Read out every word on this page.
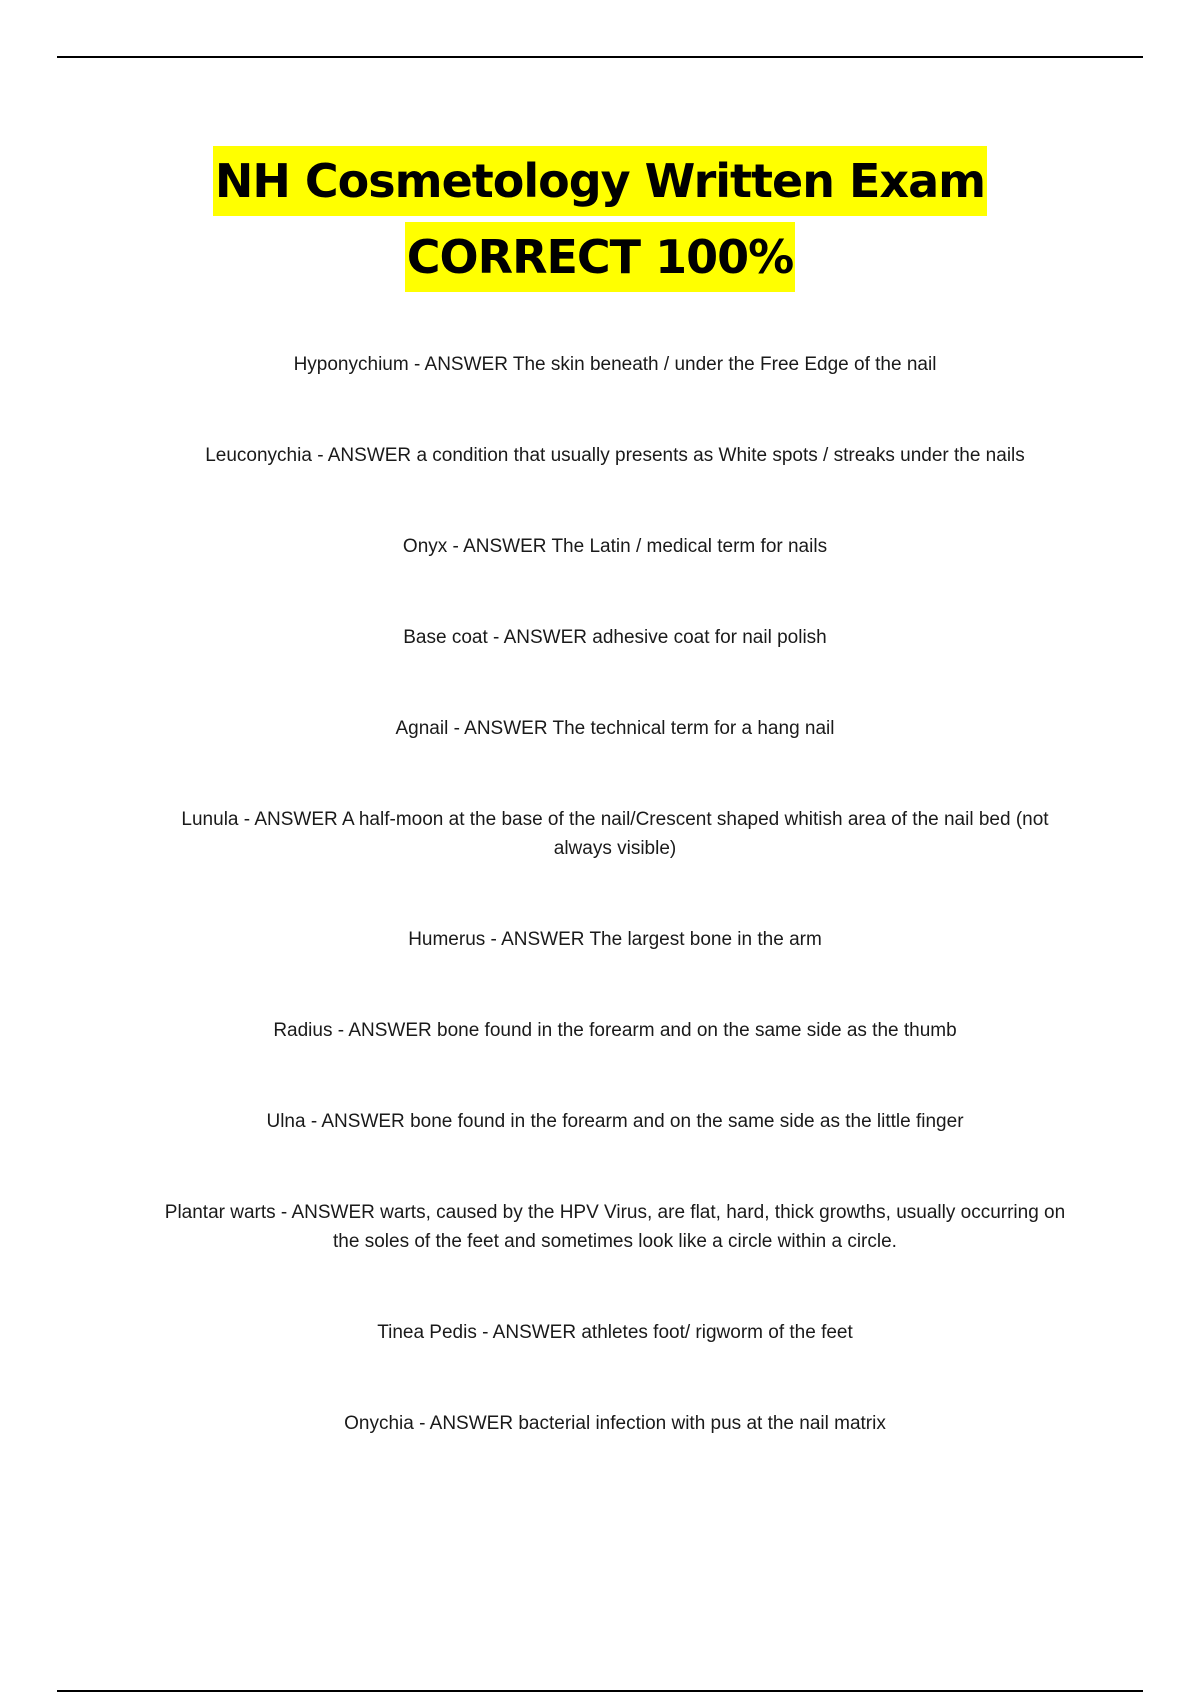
NH Cosmetology Written Exam
CORRECT 100%
Hyponychium - ANSWER The skin beneath / under the Free Edge of the nail
Leuconychia - ANSWER a condition that usually presents as White spots / streaks under the nails
Onyx - ANSWER The Latin / medical term for nails
Base coat - ANSWER adhesive coat for nail polish
Agnail - ANSWER The technical term for a hang nail
Lunula - ANSWER A half-moon at the base of the nail/Crescent shaped whitish area of the nail bed (not always visible)
Humerus - ANSWER The largest bone in the arm
Radius - ANSWER bone found in the forearm and on the same side as the thumb
Ulna - ANSWER bone found in the forearm and on the same side as the little finger
Plantar warts - ANSWER warts, caused by the HPV Virus, are flat, hard, thick growths, usually occurring on the soles of the feet and sometimes look like a circle within a circle.
Tinea Pedis - ANSWER athletes foot/ rigworm of the feet
Onychia - ANSWER bacterial infection with pus at the nail matrix
